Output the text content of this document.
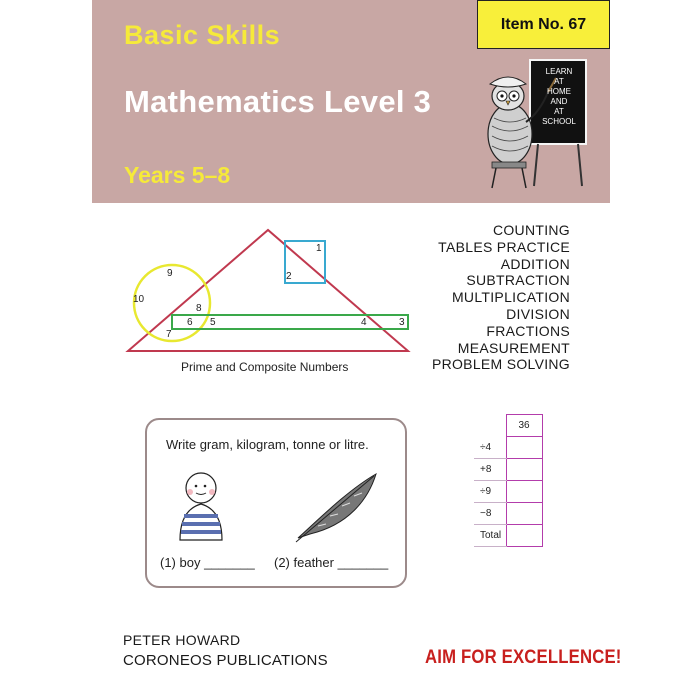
Basic Skills
Mathematics Level 3
Years 5–8
Item No. 67
LEARN
AT
HOME
AND
AT
SCHOOL
1
2
3
4
5
6
7
8
9
10
Prime and Composite Numbers
COUNTING
TABLES PRACTICE
ADDITION
SUBTRACTION
MULTIPLICATION
DIVISION
FRACTIONS
MEASUREMENT
PROBLEM SOLVING
Write gram, kilogram, tonne or litre.
(1) boy _______ (2) feather _______
	36
÷4	
+8	
÷9	
−8	
Total	
PETER HOWARD
CORONEOS PUBLICATIONS	AIM FOR EXCELLENCE!
